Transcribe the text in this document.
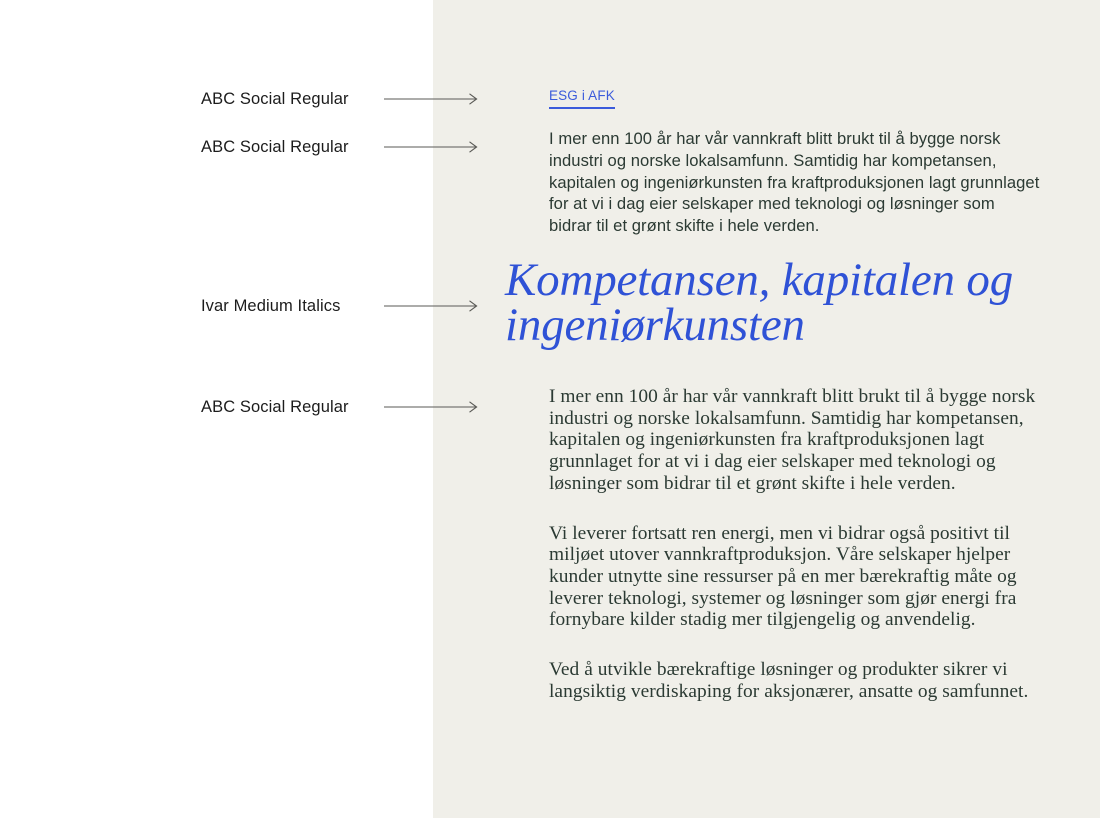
ABC Social Regular
ABC Social Regular
Ivar Medium Italics
ABC Social Regular
ESG i AFK

I mer enn 100 år har vår vannkraft blitt brukt til å bygge norsk industri og norske lokalsamfunn. Samtidig har kompetansen, kapitalen og ingeniørkunsten fra kraftproduksjonen lagt grunnlaget for at vi i dag eier selskaper med teknologi og løsninger som bidrar til et grønt skifte i hele verden.

Kompetansen, kapitalen og ingeniørkunsten

I mer enn 100 år har vår vannkraft blitt brukt til å bygge norsk industri og norske lokalsamfunn. Samtidig har kompetansen, kapitalen og ingeniørkunsten fra kraftproduksjonen lagt grunnlaget for at vi i dag eier selskaper med teknologi og løsninger som bidrar til et grønt skifte i hele verden.

Vi leverer fortsatt ren energi, men vi bidrar også positivt til miljøet utover vannkraftproduksjon. Våre selskaper hjelper kunder utnytte sine ressurser på en mer bærekraftig måte og leverer teknologi, systemer og løsninger som gjør energi fra fornybare kilder stadig mer tilgjengelig og anvendelig.

Ved å utvikle bærekraftige løsninger og produkter sikrer vi langsiktig verdiskaping for aksjonærer, ansatte og samfunnet.
